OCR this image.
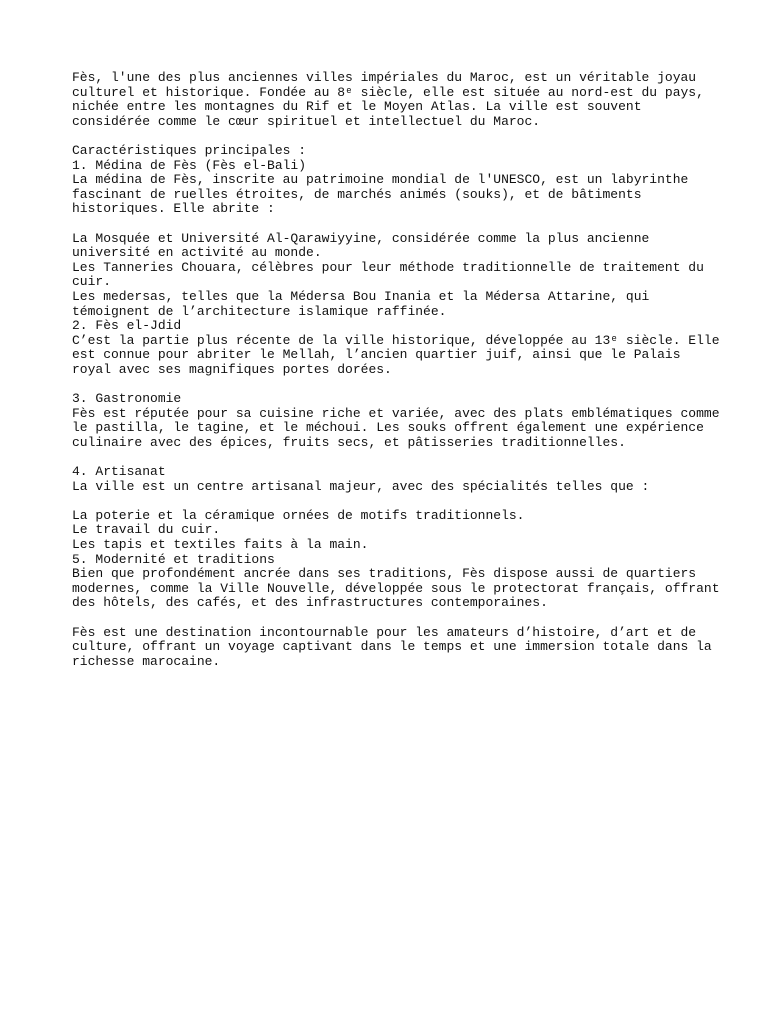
Fès, l'une des plus anciennes villes impériales du Maroc, est un véritable joyau
culturel et historique. Fondée au 8ᵉ siècle, elle est située au nord-est du pays,
nichée entre les montagnes du Rif et le Moyen Atlas. La ville est souvent
considérée comme le cœur spirituel et intellectuel du Maroc.
Caractéristiques principales :
1. Médina de Fès (Fès el-Bali)
La médina de Fès, inscrite au patrimoine mondial de l'UNESCO, est un labyrinthe
fascinant de ruelles étroites, de marchés animés (souks), et de bâtiments
historiques. Elle abrite :
La Mosquée et Université Al-Qarawiyyine, considérée comme la plus ancienne
université en activité au monde.
Les Tanneries Chouara, célèbres pour leur méthode traditionnelle de traitement du
cuir.
Les medersas, telles que la Médersa Bou Inania et la Médersa Attarine, qui
témoignent de l’architecture islamique raffinée.
2. Fès el-Jdid
C’est la partie plus récente de la ville historique, développée au 13ᵉ siècle. Elle
est connue pour abriter le Mellah, l’ancien quartier juif, ainsi que le Palais
royal avec ses magnifiques portes dorées.
3. Gastronomie
Fès est réputée pour sa cuisine riche et variée, avec des plats emblématiques comme
le pastilla, le tagine, et le méchoui. Les souks offrent également une expérience
culinaire avec des épices, fruits secs, et pâtisseries traditionnelles.
4. Artisanat
La ville est un centre artisanal majeur, avec des spécialités telles que :
La poterie et la céramique ornées de motifs traditionnels.
Le travail du cuir.
Les tapis et textiles faits à la main.
5. Modernité et traditions
Bien que profondément ancrée dans ses traditions, Fès dispose aussi de quartiers
modernes, comme la Ville Nouvelle, développée sous le protectorat français, offrant
des hôtels, des cafés, et des infrastructures contemporaines.
Fès est une destination incontournable pour les amateurs d’histoire, d’art et de
culture, offrant un voyage captivant dans le temps et une immersion totale dans la
richesse marocaine.
